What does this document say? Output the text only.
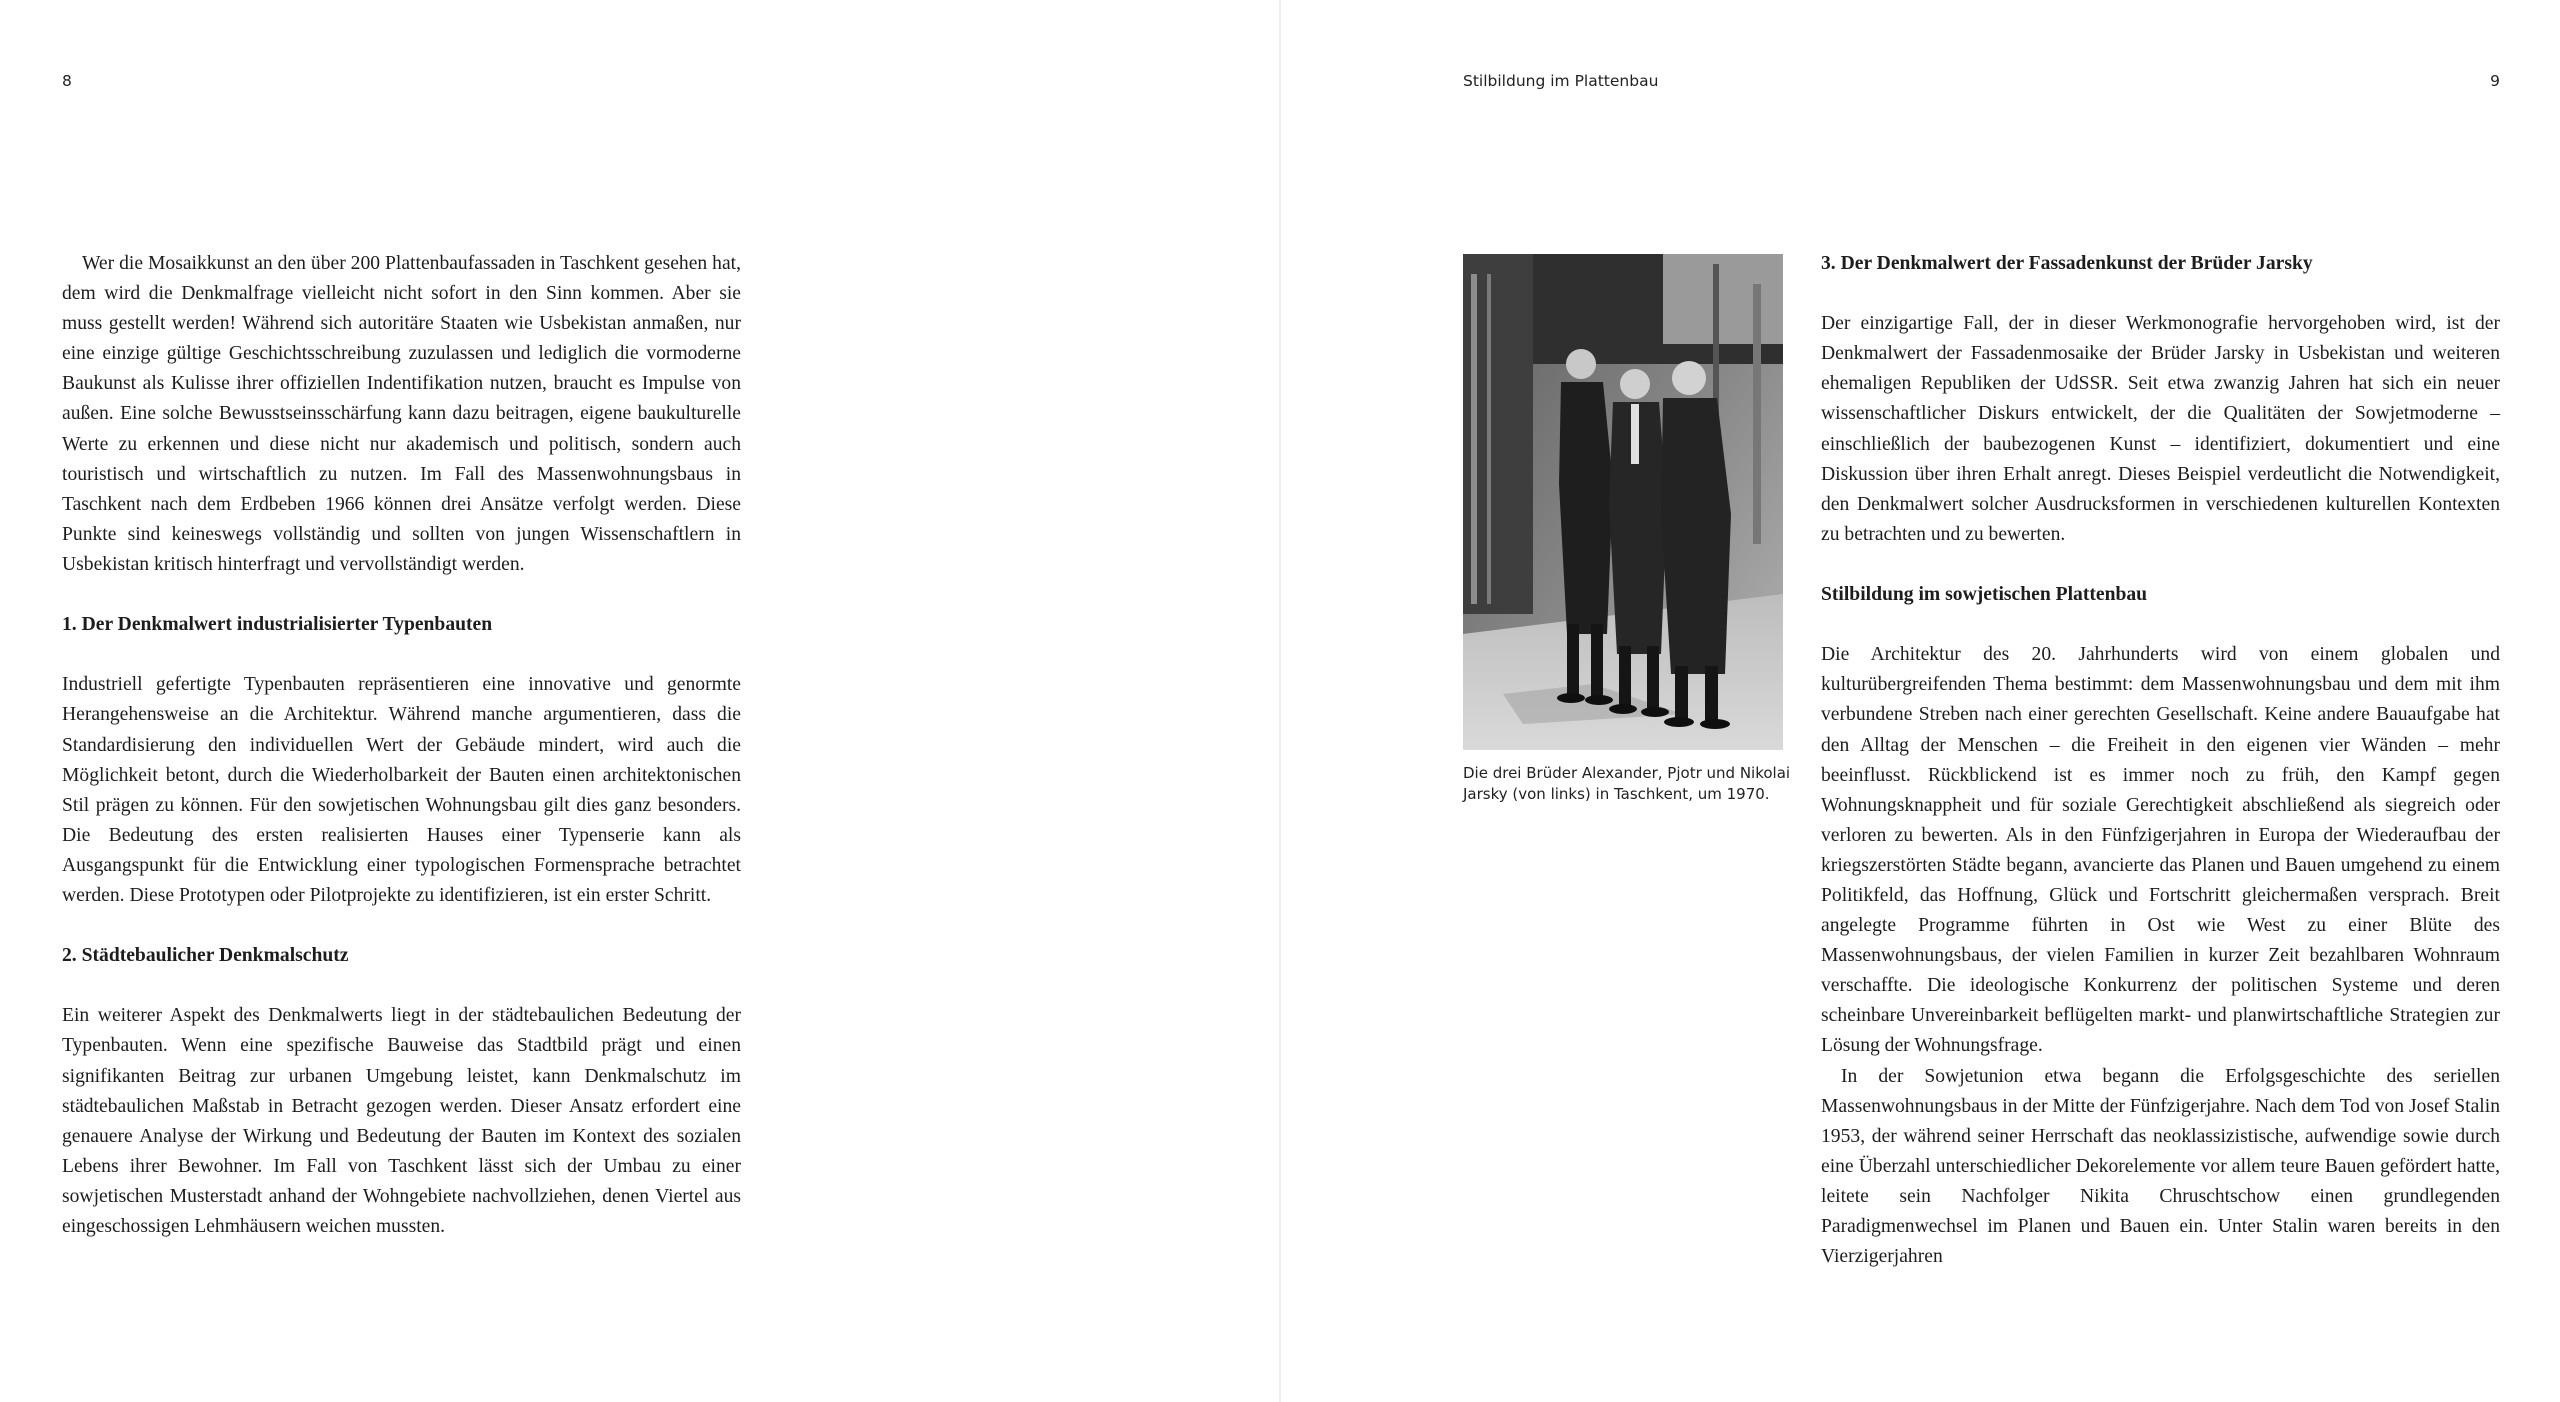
8

Wer die Mosaikkunst an den über 200 Plattenbaufassaden in Taschkent gesehen hat, dem wird die Denkmalfrage vielleicht nicht sofort in den Sinn kommen. Aber sie muss gestellt werden! Während sich autoritäre Staaten wie Usbekistan anmaßen, nur eine einzige gültige Geschichtsschreibung zuzulassen und lediglich die vormoderne Baukunst als Kulisse ihrer offiziellen Indentifikation nutzen, braucht es Impulse von außen. Eine solche Bewusstseinsschärfung kann dazu beitragen, eigene baukulturelle Werte zu erkennen und diese nicht nur akademisch und politisch, sondern auch touristisch und wirtschaftlich zu nutzen. Im Fall des Massenwohnungsbaus in Taschkent nach dem Erdbeben 1966 können drei Ansätze verfolgt werden. Diese Punkte sind keineswegs vollständig und sollten von jungen Wissenschaftlern in Usbekistan kritisch hinterfragt und vervollständigt werden.

1. Der Denkmalwert industrialisierter Typenbauten

Industriell gefertigte Typenbauten repräsentieren eine innovative und genormte Herangehensweise an die Architektur. Während manche argumentieren, dass die Standardisierung den individuellen Wert der Gebäude mindert, wird auch die Möglichkeit betont, durch die Wiederholbarkeit der Bauten einen architektonischen Stil prägen zu können. Für den sowjetischen Wohnungsbau gilt dies ganz besonders. Die Bedeutung des ersten realisierten Hauses einer Typenserie kann als Ausgangspunkt für die Entwicklung einer typologischen Formensprache betrachtet werden. Diese Prototypen oder Pilotprojekte zu identifizieren, ist ein erster Schritt.

2. Städtebaulicher Denkmalschutz

Ein weiterer Aspekt des Denkmalwerts liegt in der städtebaulichen Bedeutung der Typenbauten. Wenn eine spezifische Bauweise das Stadtbild prägt und einen signifikanten Beitrag zur urbanen Umgebung leistet, kann Denkmalschutz im städtebaulichen Maßstab in Betracht gezogen werden. Dieser Ansatz erfordert eine genauere Analyse der Wirkung und Bedeutung der Bauten im Kontext des sozialen Lebens ihrer Bewohner. Im Fall von Taschkent lässt sich der Umbau zu einer sowjetischen Musterstadt anhand der Wohngebiete nachvollziehen, denen Viertel aus eingeschossigen Lehmhäusern weichen mussten.

Stilbildung im Plattenbau	9
Die drei Brüder Alexander, Pjotr und Nikolai Jarsky (von links) in Taschkent, um 1970.
3. Der Denkmalwert der Fassadenkunst der Brüder Jarsky

Der einzigartige Fall, der in dieser Werkmonografie hervorgehoben wird, ist der Denkmalwert der Fassadenmosaike der Brüder Jarsky in Usbekistan und weiteren ehemaligen Republiken der UdSSR. Seit etwa zwanzig Jahren hat sich ein neuer wissenschaftlicher Diskurs entwickelt, der die Qualitäten der Sowjetmoderne – einschließlich der baubezogenen Kunst – identifiziert, dokumentiert und eine Diskussion über ihren Erhalt anregt. Dieses Beispiel verdeutlicht die Notwendigkeit, den Denkmalwert solcher Ausdrucksformen in verschiedenen kulturellen Kontexten zu betrachten und zu bewerten.

Stilbildung im sowjetischen Plattenbau

Die Architektur des 20. Jahrhunderts wird von einem globalen und kulturübergreifenden Thema bestimmt: dem Massenwohnungsbau und dem mit ihm verbundene Streben nach einer gerechten Gesellschaft. Keine andere Bauaufgabe hat den Alltag der Menschen – die Freiheit in den eigenen vier Wänden – mehr beeinflusst. Rückblickend ist es immer noch zu früh, den Kampf gegen Wohnungsknappheit und für soziale Gerechtigkeit abschließend als siegreich oder verloren zu bewerten. Als in den Fünfzigerjahren in Europa der Wiederaufbau der kriegszerstörten Städte begann, avancierte das Planen und Bauen umgehend zu einem Politikfeld, das Hoffnung, Glück und Fortschritt gleichermaßen versprach. Breit angelegte Programme führten in Ost wie West zu einer Blüte des Massenwohnungsbaus, der vielen Familien in kurzer Zeit bezahlbaren Wohnraum verschaffte. Die ideologische Konkurrenz der politischen Systeme und deren scheinbare Unvereinbarkeit beflügelten markt- und planwirtschaftliche Strategien zur Lösung der Wohnungsfrage.

In der Sowjetunion etwa begann die Erfolgsgeschichte des seriellen Massenwohnungsbaus in der Mitte der Fünfzigerjahre. Nach dem Tod von Josef Stalin 1953, der während seiner Herrschaft das neoklassizistische, aufwendige sowie durch eine Überzahl unterschiedlicher Dekorelemente vor allem teure Bauen gefördert hatte, leitete sein Nachfolger Nikita Chruschtschow einen grundlegenden Paradigmenwechsel im Planen und Bauen ein. Unter Stalin waren bereits in den Vierzigerjahren
